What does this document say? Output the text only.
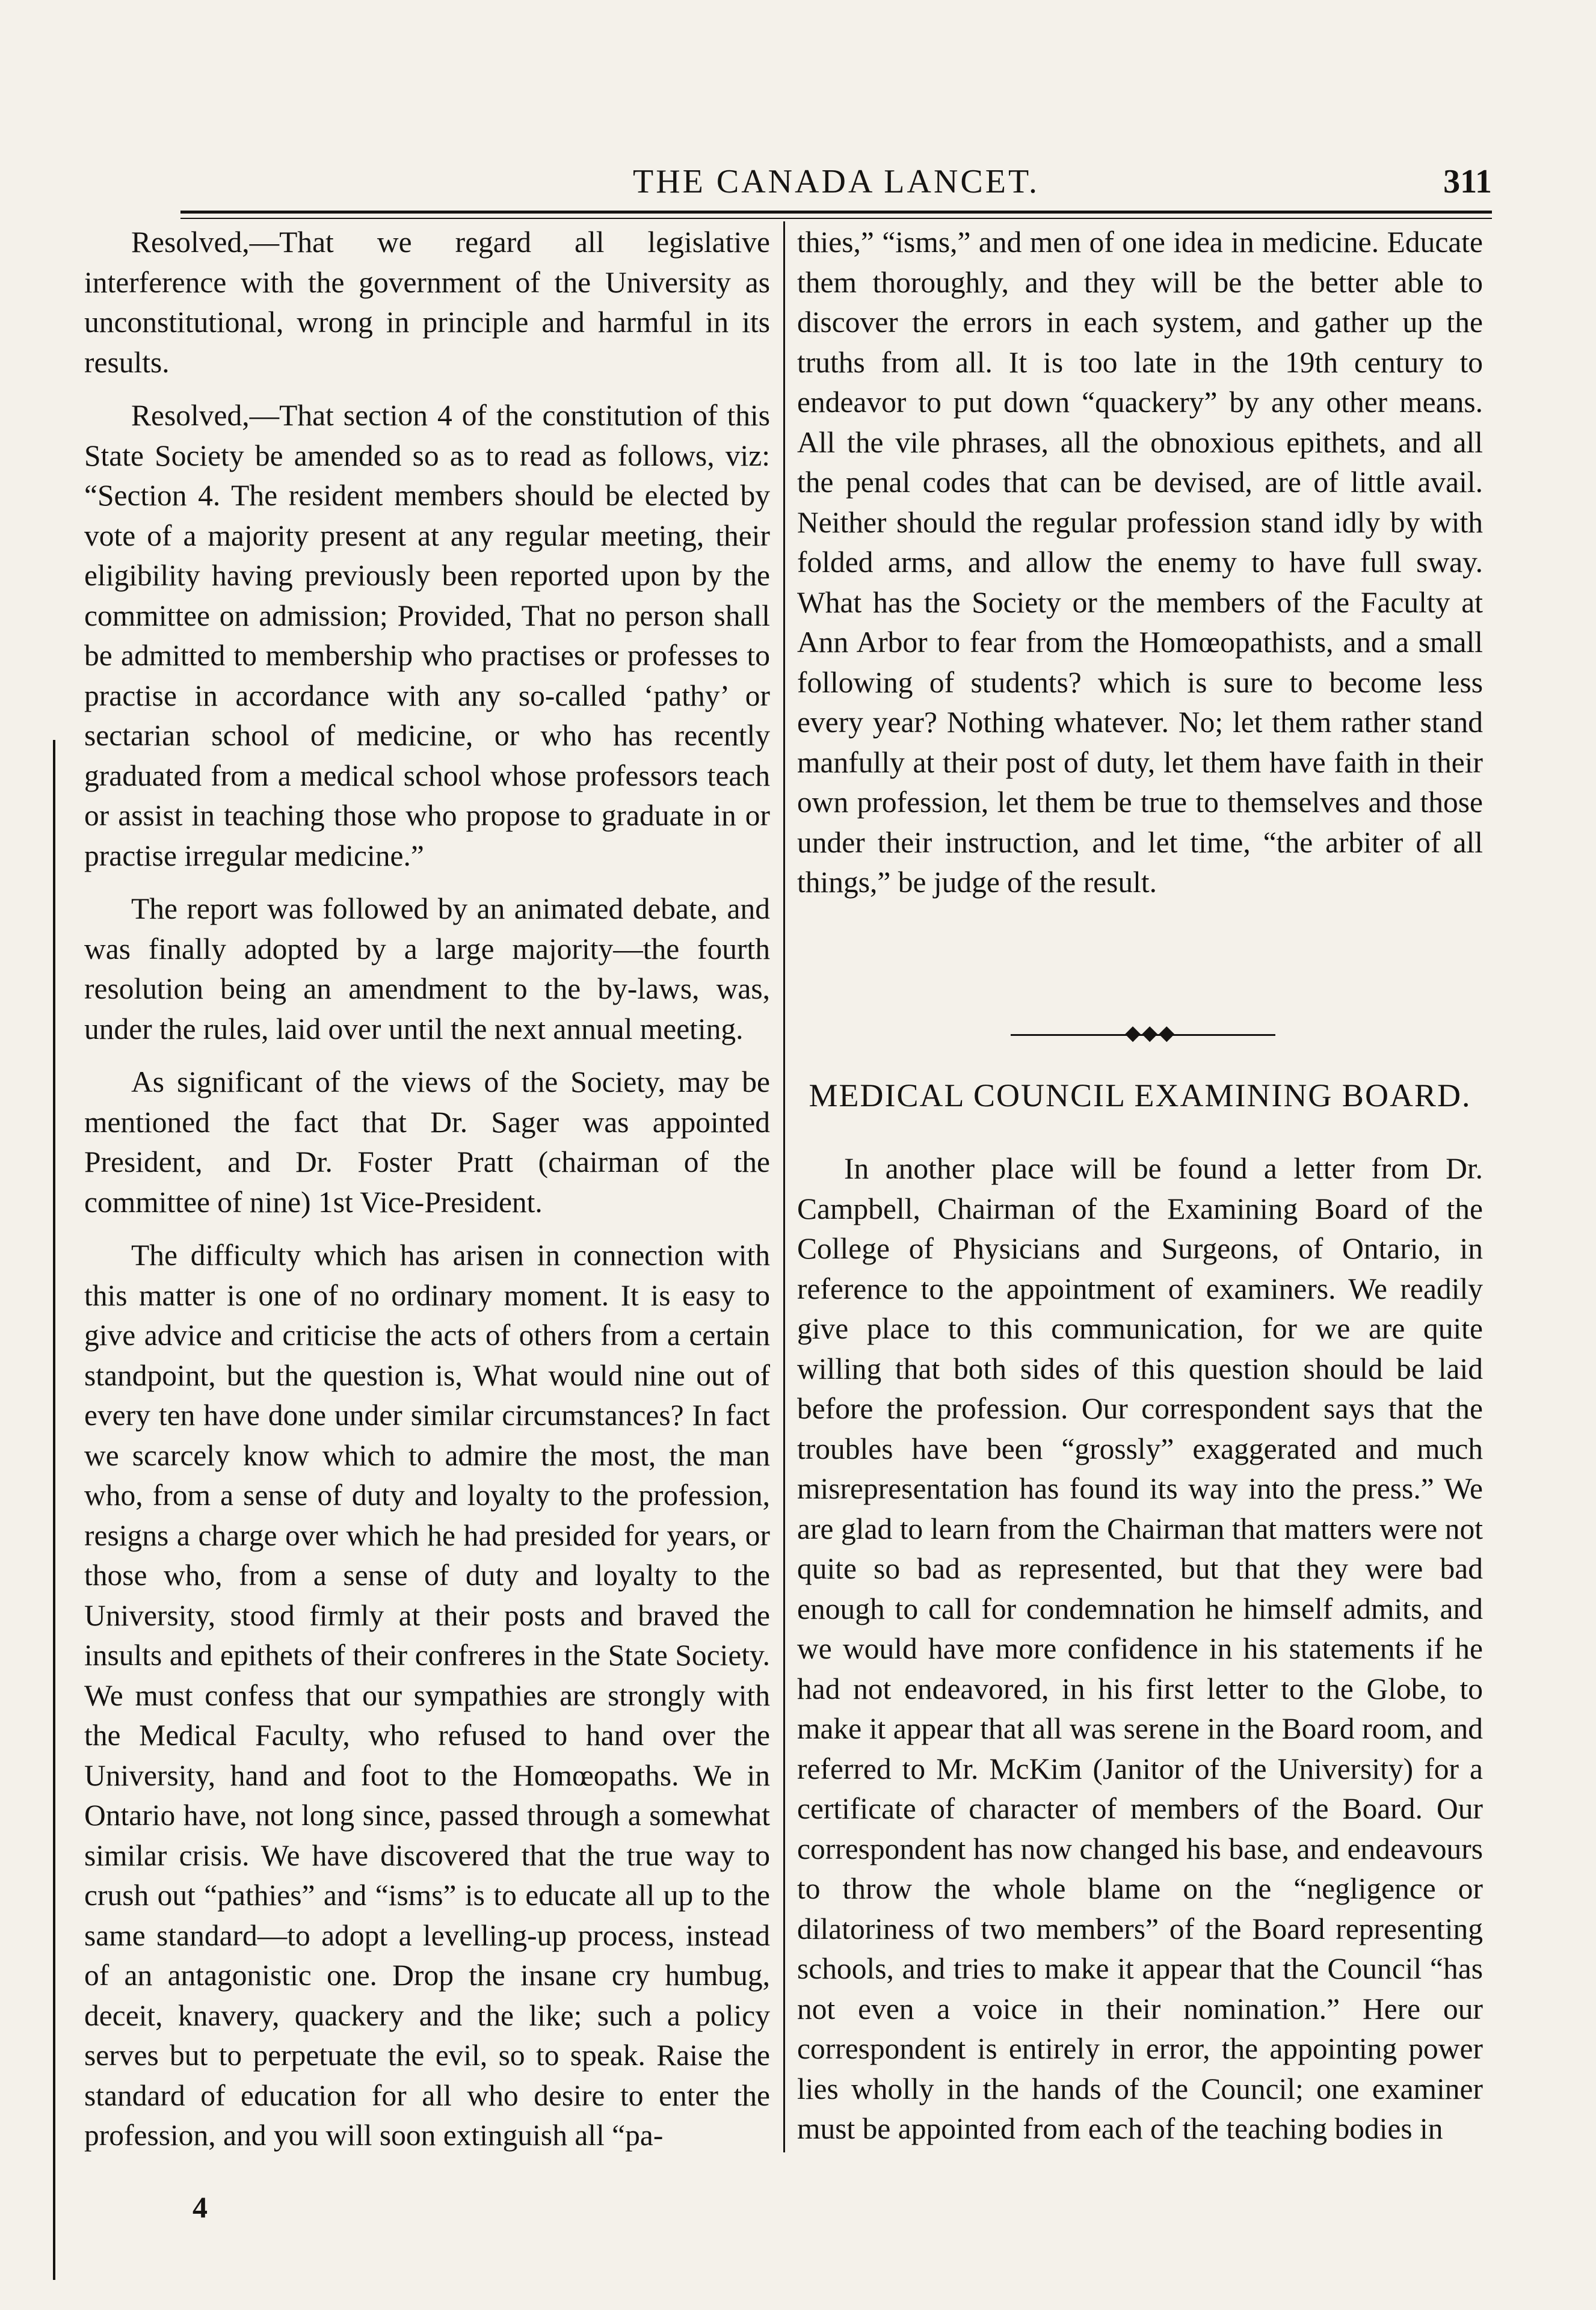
THE CANADA LANCET.	311

Resolved,—That we regard all legislative interference with the government of the University as unconstitutional, wrong in principle and harmful in its results.

Resolved,—That section 4 of the constitution of this State Society be amended so as to read as follows, viz: “Section 4. The resident members should be elected by vote of a majority present at any regular meeting, their eligibility having previously been reported upon by the committee on admission; Provided, That no person shall be admitted to membership who practises or professes to practise in accordance with any so-called ‘pathy’ or sectarian school of medicine, or who has recently graduated from a medical school whose professors teach or assist in teaching those who propose to graduate in or practise irregular medicine.”

The report was followed by an animated debate, and was finally adopted by a large majority—the fourth resolution being an amendment to the by-laws, was, under the rules, laid over until the next annual meeting.

As significant of the views of the Society, may be mentioned the fact that Dr. Sager was appointed President, and Dr. Foster Pratt (chairman of the committee of nine) 1st Vice-President.

The difficulty which has arisen in connection with this matter is one of no ordinary moment. It is easy to give advice and criticise the acts of others from a certain standpoint, but the question is, What would nine out of every ten have done under similar circumstances? In fact we scarcely know which to admire the most, the man who, from a sense of duty and loyalty to the profession, resigns a charge over which he had presided for years, or those who, from a sense of duty and loyalty to the University, stood firmly at their posts and braved the insults and epithets of their confreres in the State Society. We must confess that our sympathies are strongly with the Medical Faculty, who refused to hand over the University, hand and foot to the Homœopaths. We in Ontario have, not long since, passed through a somewhat similar crisis. We have discovered that the true way to crush out “pathies” and “isms” is to educate all up to the same standard—to adopt a levelling-up process, instead of an antagonistic one. Drop the insane cry humbug, deceit, knavery, quackery and the like; such a policy serves but to perpetuate the evil, so to speak. Raise the standard of education for all who desire to enter the profession, and you will soon extinguish all “pa-

thies,” “isms,” and men of one idea in medicine. Educate them thoroughly, and they will be the better able to discover the errors in each system, and gather up the truths from all. It is too late in the 19th century to endeavor to put down “quackery” by any other means. All the vile phrases, all the obnoxious epithets, and all the penal codes that can be devised, are of little avail. Neither should the regular profession stand idly by with folded arms, and allow the enemy to have full sway. What has the Society or the members of the Faculty at Ann Arbor to fear from the Homœopathists, and a small following of students? which is sure to become less every year? Nothing whatever. No; let them rather stand manfully at their post of duty, let them have faith in their own profession, let them be true to themselves and those under their instruction, and let time, “the arbiter of all things,” be judge of the result.

◆◆◆
MEDICAL COUNCIL EXAMINING BOARD.

In another place will be found a letter from Dr. Campbell, Chairman of the Examining Board of the College of Physicians and Surgeons, of Ontario, in reference to the appointment of examiners. We readily give place to this communication, for we are quite willing that both sides of this question should be laid before the profession. Our correspondent says that the troubles have been “grossly” exaggerated and much misrepresentation has found its way into the press.” We are glad to learn from the Chairman that matters were not quite so bad as represented, but that they were bad enough to call for condemnation he himself admits, and we would have more confidence in his statements if he had not endeavored, in his first letter to the Globe, to make it appear that all was serene in the Board room, and referred to Mr. McKim (Janitor of the University) for a certificate of character of members of the Board. Our correspondent has now changed his base, and endeavours to throw the whole blame on the “negligence or dilatoriness of two members” of the Board representing schools, and tries to make it appear that the Council “has not even a voice in their nomination.” Here our correspondent is entirely in error, the appointing power lies wholly in the hands of the Council; one examiner must be appointed from each of the teaching bodies in

4
